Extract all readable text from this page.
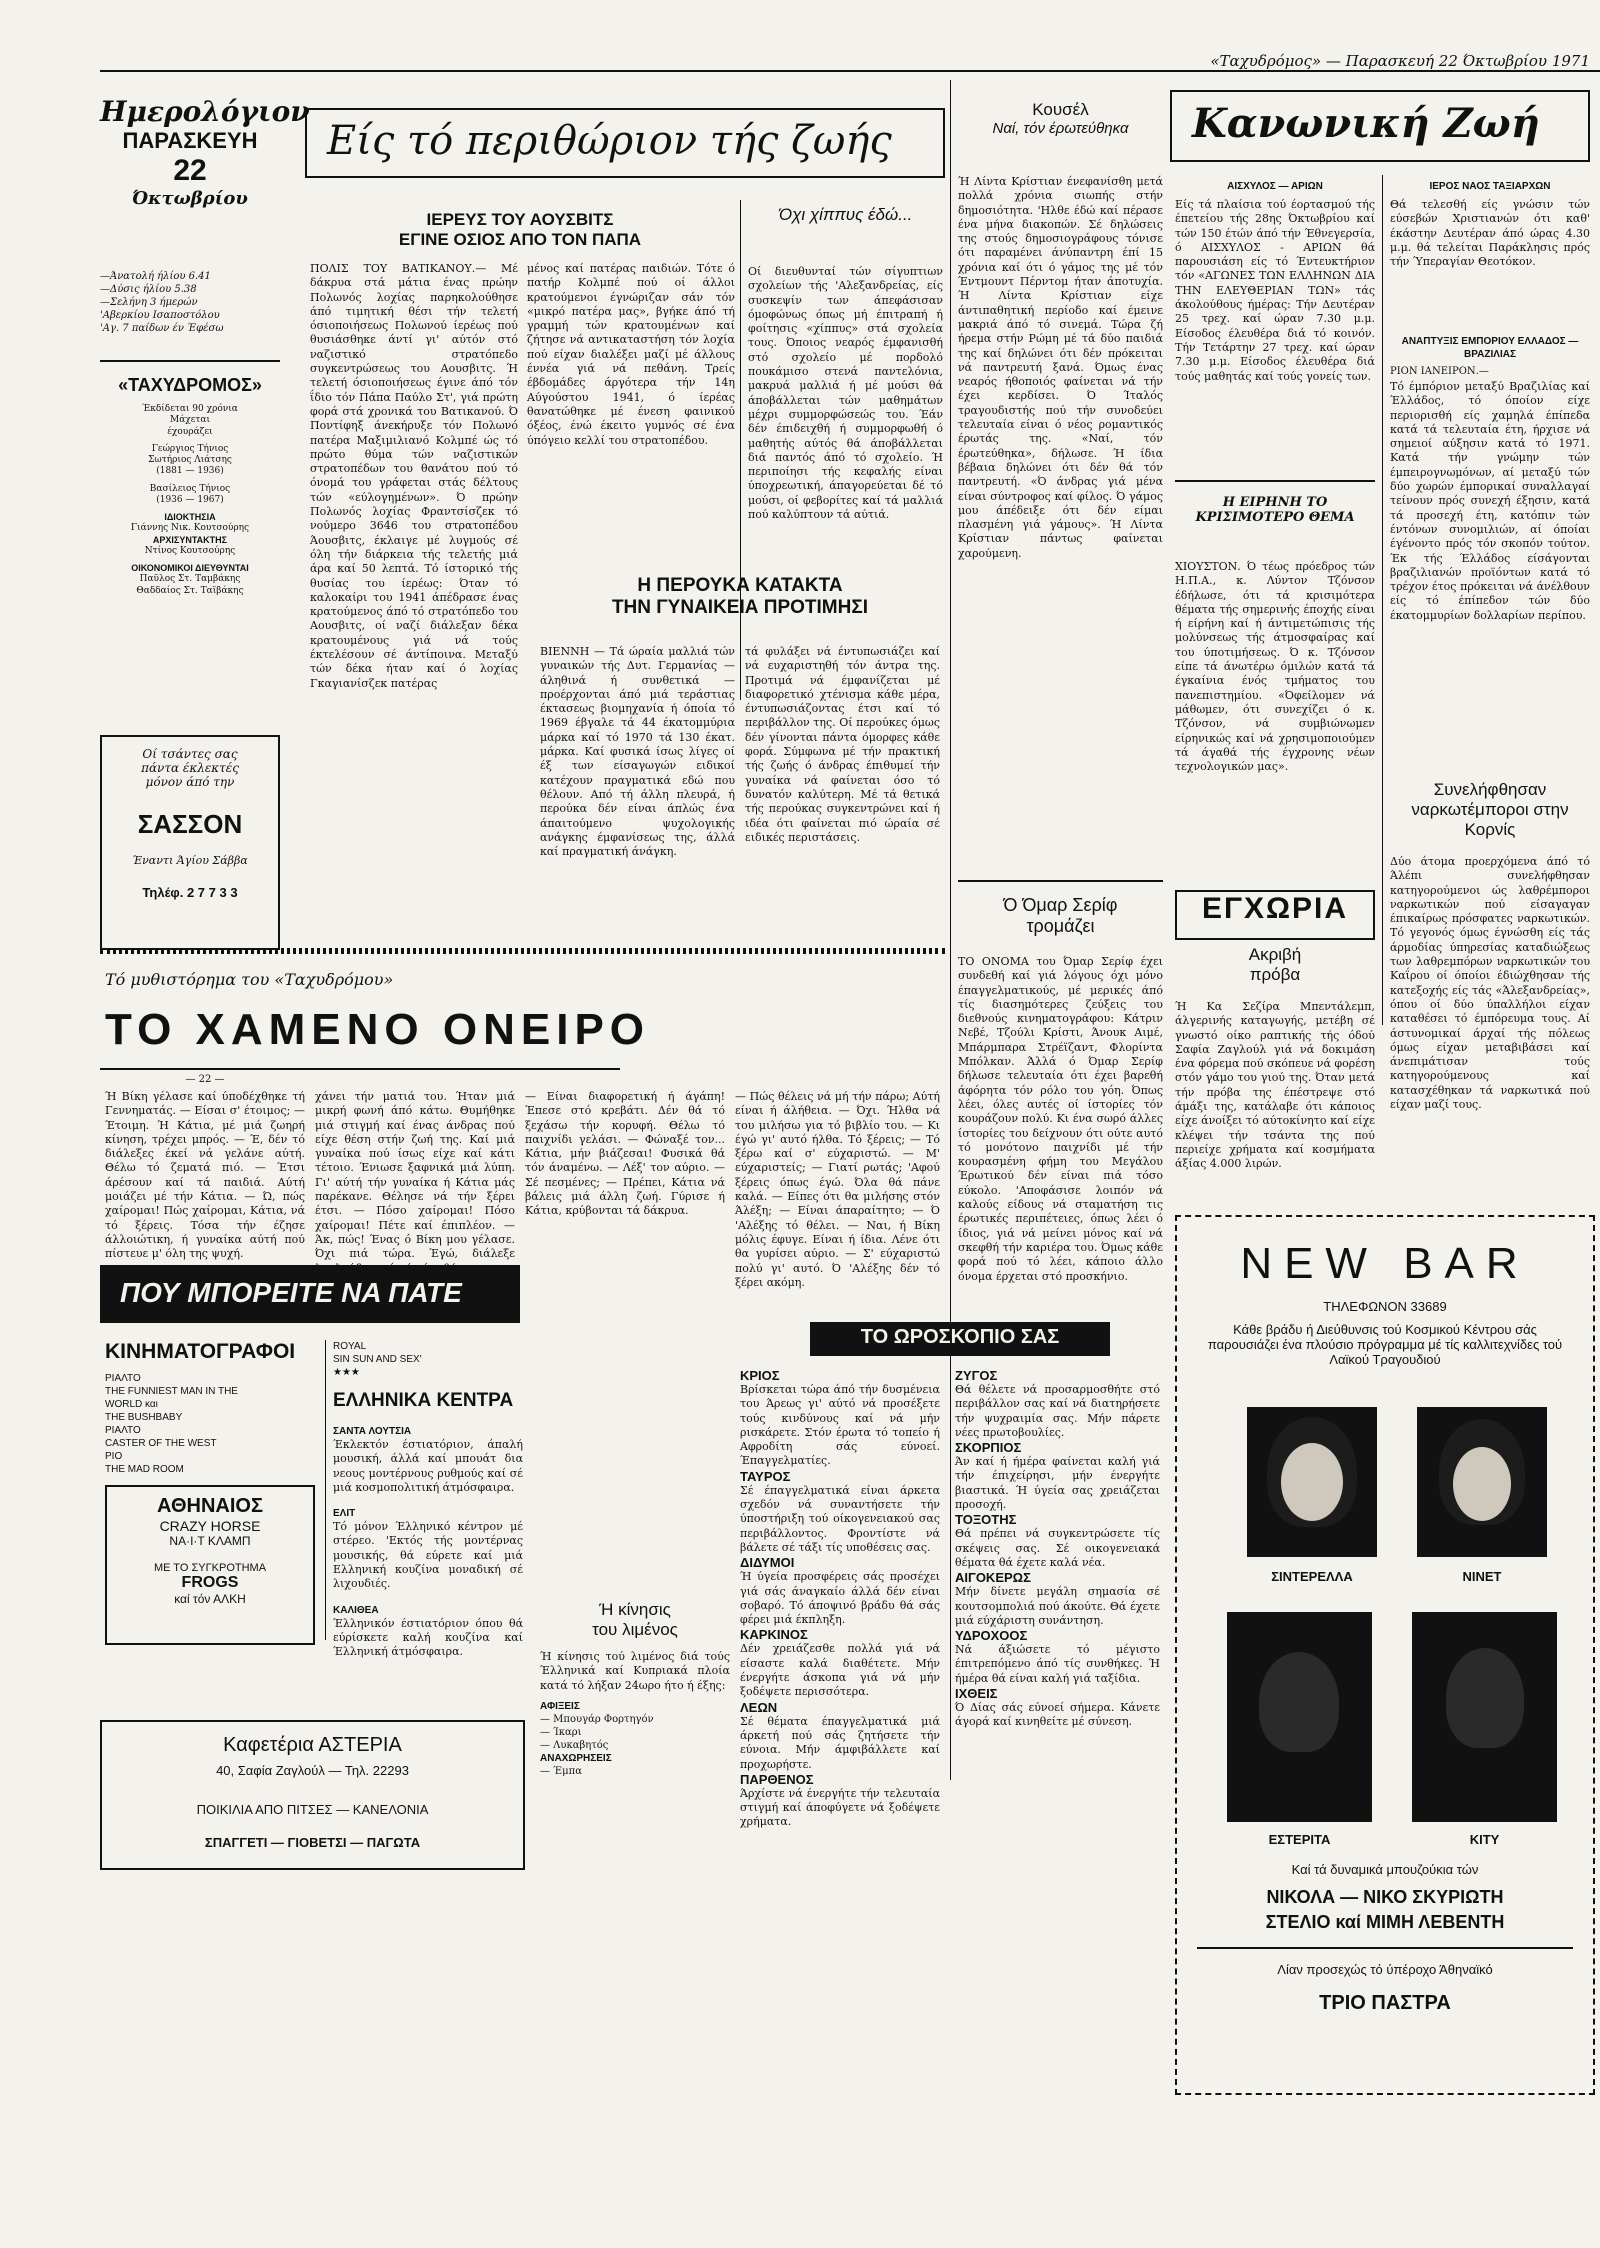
«Ταχυδρόμος» — Παρασκευή 22 Όκτωβρίου 1971
Ημερολόγιον
ΠΑΡΑΣΚΕΥΗ
22
Όκτωβρίου
—Άνατολή ήλίου 6.41
—Δύσις ήλίου 5.38
—Σελήνη 3 ήμερών
'Αβερκίου Ισαποστόλου
'Αγ. 7 παίδων έν Έφέσω
«ΤΑΧΥΔΡΟΜΟΣ»
Έκδίδεται 90 χρόνια
Μάχεται
έχουράζει
Γεώργιος Τήνιος
Σωτήριος Λιάτσης
(1881 — 1936)
Βασίλειος Τήνιος
(1936 — 1967)
ΙΔΙΟΚΤΗΣΙΑ
Γιάννης Νικ. Κουτσούρης
ΑΡΧΙΣΥΝΤΑΚΤΗΣ
Ντίνος Κουτσούρης
ΟΙΚΟΝΟΜΙΚΟΙ ΔΙΕΥΘΥΝΤΑΙ
Παῦλος Στ. Ταμβάκης
Θαδδαίος Στ. Ταϊβάκης
Οί τσάντες σας
πάντα έκλεκτές
μόνον άπό την
ΣΑΣΣΟΝ
Έναντι Άγίου Σάββα
Τηλέφ. 2 7 7 3 3
Είς τό περιθώριον τής ζωής
ΙΕΡΕΥΣ ΤΟΥ ΑΟΥΣΒΙΤΣ
ΕΓΙΝΕ ΟΣΙΟΣ ΑΠΟ ΤΟΝ ΠΑΠΑ
ΠΟΛΙΣ ΤΟΥ ΒΑΤΙΚΑΝΟΥ.— Μέ δάκρυα στά μάτια ένας πρώην Πολωνός λοχίας παρηκολούθησε άπό τιμητική θέσι τήν τελετή όσιοποιήσεως Πολωνού ίερέως πού θυσιάσθηκε άντί γι' αύτόν στό ναζιστικό στρατόπεδο συγκεντρώσεως του Αουσβιτς. Ή τελετή όσιοποιήσεως έγινε άπό τόν ΐδιο τόν Πάπα Παύλο Στ', γιά πρώτη φορά στά χρονικά του Βατικανού. Ό Ποντίφηξ άνεκήρυξε τόν Πολωνό πατέρα Μαξιμιλιανό Κολμπέ ώς τό πρώτο θύμα τών ναζιστικών στρατοπέδων του θανάτου πού τό όνομά του γράφεται στάς δέλτους τών «εύλογημένων». Ό πρώην Πολωνός λοχίας Φραντσίσζεκ τό νούμερο 3646 του στρατοπέδου Άουσβιτς, έκλαιγε μέ λυγμούς σέ όλη τήν διάρκεια τής τελετής μιά άρα καί 50 λεπτά. Τό ίστορικό τής θυσίας του ίερέως: Όταν τό καλοκαίρι του 1941 άπέδρασε ένας κρατούμενος άπό τό στρατόπεδο του Αουσβιτς, οί ναζί διάλεξαν δέκα κρατουμένους γιά νά τούς έκτελέσουν σέ άντίποινα. Μεταξύ τών δέκα ήταν καί ό λοχίας Γκαγιανίσζεκ πατέρας
μένος καί πατέρας παιδιών. Τότε ό πατήρ Κολμπέ πού οί άλλοι κρατούμενοι έγνώριζαν σάν τόν «μικρό πατέρα μας», βγήκε άπό τή γραμμή τών κρατουμένων καί ζήτησε νά αντικαταστήση τόν λοχία πού είχαν διαλέξει μαζί μέ άλλους έννέα γιά νά πεθάνη. Τρείς έβδομάδες άργότερα τήν 14η Αύγούστου 1941, ό ίερέας θανατώθηκε μέ ένεση φαινικού όξέος, ένώ έκειτο γυμνός σέ ένα ύπόγειο κελλί του στρατοπέδου.
Όχι χίππυς έδώ...
Οί διευθυνταί τών σίγυπτιων σχολείων τής 'Αλεξανδρείας, είς συσκεψίν των άπεφάσισαν όμοφώνως όπως μή έπιτραπή ή φοίτησις «χίππυς» στά σχολεία τους. Όποιος νεαρός έμφανισθή στό σχολείο μέ πορδολό πουκάμισο στενά παντελόνια, μακρυά μαλλιά ή μέ μούσι θά άποβάλλεται τών μαθημάτων μέχρι συμμορφώσεώς του. Έάν δέν έπιδειχθή ή συμμορφωθή ό μαθητής αύτός θά άποβάλλεται διά παντός άπό τό σχολείο. Ή περιποίησι τής κεφαλής είναι ύποχρεωτική, άπαγορεύεται δέ τό μούσι, οί φεβορίτες καί τά μαλλιά πού καλύπτουν τά αύτιά.
Η ΠΕΡΟΥΚΑ ΚΑΤΑΚΤΑ
ΤΗΝ ΓΥΝΑΙΚΕΙΑ ΠΡΟΤΙΜΗΣΙ
ΒΙΕΝΝΗ — Τά ώραία μαλλιά τών γυναικών τής Δυτ. Γερμανίας — άληθινά ή συνθετικά — προέρχονται άπό μιά τεράστιας έκτασεως βιομηχανία ή όποία τό 1969 έβγαλε τά 44 έκατομμύρια μάρκα καί τό 1970 τά 130 έκατ. μάρκα. Καί φυσικά ίσως λίγες οί έξ των είσαγωγών ειδικοί κατέχουν πραγματικά εδώ που θέλουν. Από τή άλλη πλευρά, ή περούκα δέν είναι άπλώς ένα άπαιτούμενο ψυχολογικής ανάγκης έμφανίσεως της, άλλά καί πραγματική άνάγκη.
τά φυλάξει νά έντυπωσιάζει καί νά ευχαριστηθή τόν άντρα της. Προτιμά νά έμφανίζεται μέ διαφορετικό χτένισμα κάθε μέρα, έντυπωσιάζοντας έτσι καί τό περιβάλλον της. Οί περούκες όμως δέν γίνονται πάντα όμορφες κάθε φορά. Σύμφωνα μέ τήν πρακτική τής ζωής ό άνδρας έπιθυμεί τήν γυναίκα νά φαίνεται όσο τό δυνατόν καλύτερη. Μέ τά θετικά τής περούκας συγκεντρώνει καί ή ιδέα ότι φαίνεται πιό ώραία σέ ειδικές περιστάσεις.
Κουσέλ
Ναί, τόν έρωτεύθηκα
Ή Λίντα Κρίστιαν ένεφανίσθη μετά πολλά χρόνια σιωπής στήν δημοσιότητα. 'Ηλθε έδώ καί πέρασε ένα μήνα διακοπών. Σέ δηλώσεις της στούς δημοσιογράφους τόνισε ότι παραμένει άνύπαντρη έπί 15 χρόνια καί ότι ό γάμος της μέ τόν Έντμουντ Πέρντομ ήταν άποτυχία. Ή Λίντα Κρίστιαν είχε άντιπαθητική περίοδο καί έμεινε μακριά άπό τό σινεμά. Τώρα ζή ήρεμα στήν Ρώμη μέ τά δύο παιδιά της καί δηλώνει ότι δέν πρόκειται νά παντρευτή ξανά. Όμως ένας νεαρός ήθοποιός φαίνεται νά τήν έχει κερδίσει. Ό Ίταλός τραγουδιστής πού τήν συνοδεύει τελευταία είναι ό νέος ρομαντικός έρωτάς της. «Ναί, τόν έρωτεύθηκα», δήλωσε. Ή ίδια βέβαια δηλώνει ότι δέν θά τόν παντρευτή. «Ό άνδρας γιά μένα είναι σύντροφος καί φίλος. Ό γάμος μου άπέδειξε ότι δέν είμαι πλασμένη γιά γάμους». Ή Λίντα Κρίστιαν πάντως φαίνεται χαρούμενη.
Ό Όμαρ Σερίφ
τρομάζει
ΤΟ ΟΝΟΜΑ του Όμαρ Σερίφ έχει συνδεθή καί γιά λόγους όχι μόνο έπαγγελματικούς, μέ μερικές άπό τίς διασημότερες ζεύξεις του διεθνούς κινηματογράφου: Κάτριν Νεβέ, Τζούλι Κρίστι, Άνουκ Αιμέ, Μπάρμπαρα Στρέϊζαντ, Φλορίντα Μπόλκαν. Άλλά ό Όμαρ Σερίφ δήλωσε τελευταία ότι έχει βαρεθή άφόρητα τόν ρόλο του γόη. Όπως λέει, όλες αυτές οί ίστορίες τόν κουράζουν πολύ. Κι ένα σωρό άλλες ίστορίες του δείχνουν ότι ούτε αυτό τό μονότονο παιχνίδι μέ τήν κουρασμένη φήμη του Μεγάλου Έρωτικού δέν είναι πιά τόσο εύκολο. 'Αποφάσισε λοιπόν νά καλούς είδους νά σταματήση τις έρωτικές περιπέτειες, όπως λέει ό ίδιος, γιά νά μείνει μόνος καί νά σκεφθή τήν καριέρα του. Όμως κάθε φορά πού τό λέει, κάποιο άλλο όνομα έρχεται στό προσκήνιο.
Κανωνική Ζωή
ΑΙΣΧΥΛΟΣ — ΑΡΙΩΝ
Είς τά πλαίσια τού έορτασμού τής έπετείου τής 28ης Όκτωβρίου καί τών 150 έτών άπό τήν Έθνεγερσία, ό ΑΙΣΧΥΛΟΣ - ΑΡΙΩΝ θά παρουσιάση είς τό Έντευκτήριον τόν «ΑΓΩΝΕΣ ΤΩΝ ΕΛΛΗΝΩΝ ΔΙΑ ΤΗΝ ΕΛΕΥΘΕΡΙΑΝ ΤΩΝ» τάς άκολούθους ήμέρας: Τήν Δευτέραν 25 τρεχ. καί ώραν 7.30 μ.μ. Είσοδος έλευθέρα διά τό κοινόν. Τήν Τετάρτην 27 τρεχ. καί ώραν 7.30 μ.μ. Είσοδος έλευθέρα διά τούς μαθητάς καί τούς γονείς των.
ΙΕΡΟΣ ΝΑΟΣ ΤΑΞΙΑΡΧΩΝ
Θά τελεσθή είς γνώσιν τών εύσεβών Χριστιανών ότι καθ' έκάστην Δευτέραν άπό ώρας 4.30 μ.μ. θά τελείται Παράκλησις πρός τήν Ύπεραγίαν Θεοτόκον.
ΑΝΑΠΤΥΞΙΣ ΕΜΠΟΡΙΟΥ ΕΛΛΑΔΟΣ — ΒΡΑΖΙΛΙΑΣ
ΡΙΟΝ ΙΑΝΕΙΡΟΝ.—
Τό έμπόριον μεταξύ Βραζιλίας καί Έλλάδος, τό όποίον είχε περιορισθή είς χαμηλά έπίπεδα κατά τά τελευταία έτη, ήρχισε νά σημειοί αύξησιν κατά τό 1971. Κατά τήν γνώμην τών έμπειρογνωμόνων, αί μεταξύ τών δύο χωρών έμπορικαί συναλλαγαί τείνουν πρός συνεχή έξησιν, κατά τά προσεχή έτη, κατόπιν τών έντόνων συνομιλιών, αί όποίαι έγένοντο πρός τόν σκοπόν τούτον. Έκ τής Έλλάδος είσάγονται βραζιλιανών προϊόντων κατά τό τρέχον έτος πρόκειται νά άνέλθουν είς τό έπίπεδον τών δύο έκατομμυρίων δολλαρίων περίπου.
Η ΕΙΡΗΝΗ ΤΟ ΚΡΙΣΙΜΟΤΕΡΟ ΘΕΜΑ
ΧΙΟΥΣΤΟΝ. Ό τέως πρόεδρος τών Η.Π.Α., κ. Λύντον Τζόνσον έδήλωσε, ότι τά κρισιμότερα θέματα τής σημερινής έποχής είναι ή είρήνη καί ή άντιμετώπισις τής μολύνσεως τής άτμοσφαίρας καί του ύποτιμήσεως. Ό κ. Τζόνσον είπε τά άνωτέρω όμιλών κατά τά έγκαίνια ένός τμήματος του πανεπιστημίου. «Όφείλομεν νά μάθωμεν, ότι συνεχίζει ό κ. Τζόνσον, νά συμβιώνωμεν είρηνικώς καί νά χρησιμοποιούμεν τά άγαθά τής έγχρονης νέων τεχνολογικών μας».
Συνελήφθησαν ναρκωτέμποροι στην Κορνίς
Δύο άτομα προερχόμενα άπό τό Άλέπι συνελήφθησαν κατηγορούμενοι ώς λαθρέμποροι ναρκωτικών πού είσαγαγαν έπικαίρως πρόσφατες ναρκωτικών. Τό γεγονός όμως έγνώσθη είς τάς άρμοδίας ύπηρεσίας καταδιώξεως των λαθρεμπόρων ναρκωτικών του Καΐρου οί όποίοι έδιώχθησαν τής κατεξοχής είς τάς «Άλεξανδρείας», όπου οί δύο ύπαλλήλοι είχαν καταθέσει τό έμπόρευμα τους. Αί άστυνομικαί άρχαί τής πόλεως όμως είχαν μεταβιβάσει καί άνεπιμάτισαν τούς κατηγορούμενους καί κατασχέθηκαν τά ναρκωτικά πού είχαν μαζί τους.
ΕΓΧΩΡΙΑ
Ακριβή
πρόβα
Ή Κα Σεζίρα Μπεντάλεμπ, άλγερινής καταγωγής, μετέβη σέ γνωστό οίκο ραπτικής τής όδού Σαφία Ζαγλούλ γιά νά δοκιμάση ένα φόρεμα πού σκόπευε νά φορέση στόν γάμο του γιού της. Όταν μετά τήν πρόβα της έπέστρεψε στό άμάξι της, κατάλαβε ότι κάποιος είχε άνοίξει τό αύτοκίνητο καί είχε κλέψει τήν τσάντα της πού περιείχε χρήματα καί κοσμήματα άξίας 4.000 λιρών.
Τό μυθιστόρημα του «Ταχυδρόμου»
ΤΟ ΧΑΜΕΝΟ ΟΝΕΙΡΟ
— 22 —
Ή Βίκη γέλασε καί ύποδέχθηκε τή Γεννηματάς. — Είσαι σ' έτοιμος; — Έτοιμη. Ή Κάτια, μέ μιά ζωηρή κίνηση, τρέχει μπρός. — Έ, δέν τό διάλεξες έκεί νά γελάνε αύτή. Θέλω τό ζεματά πιό. — Έτσι άρέσουν καί τά παιδιά. Αύτή μοιάζει μέ τήν Κάτια. — Ώ, πώς χαίρομαι! Πώς χαίρομαι, Κάτια, νά τό ξέρεις. Τόσα τήν έζησε άλλοιώτικη, ή γυναίκα αύτή πού πίστευε μ' όλη της ψυχή.
χάνει τήν ματιά του. Ήταν μιά μικρή φωνή άπό κάτω. Θυμήθηκε μιά στιγμή καί ένας άνδρας πού είχε θέση στήν ζωή της. Καί μιά γυναίκα πού ίσως είχε καί κάτι τέτοιο. Ένιωσε ξαφνικά μιά λύπη. Γι' αύτή τήν γυναίκα ή Κάτια μάς παρέκανε. Θέλησε νά τήν ξέρει έτσι. — Πόσο χαίρομαι! Πόσο χαίρομαι! Πέτε καί έπιπλέον. — Άκ, πώς! Ένας ό Βίκη μου γέλασε. Όχι πιά τώρα. Έγώ, διάλεξε
— Είναι διαφορετική ή άγάπη! Έπεσε στό κρεβάτι. Δέν θά τό ξεχάσω τήν κορυφή. Θέλω τό παιχνίδι γελάσι. — Φώναξέ τον... Κάτια, μήν βιάζεσαι! Φυσικά θά τόν άναμένω. — Λέξ' τον αύριο. — Σέ πεσμένες; — Πρέπει, Κάτια νά βάλεις μιά άλλη ζωή. Γύρισε ή Κάτια, κρύβονται τά δάκρυα.
— Πώς θέλεις νά μή τήν πάρω; Αύτή είναι ή άλήθεια. — Όχι. Ήλθα νά του μιλήσω για τό βιβλίο του. — Κι έγώ γι' αυτό ήλθα. Τό ξέρεις; — Τό ξέρω καί σ' εύχαριστώ. — Μ' εύχαριστείς; — Γιατί ρωτάς; 'Αφού ξέρεις όπως έγώ. Όλα θά πάνε καλά. — Είπες ότι θα μιλήσης στόν Άλέξη; — Είναι άπαραίτητο; — Ό 'Αλέξης τό θέλει. — Ναι, ή Βίκη μόλις έφυγε. Είναι ή ίδια. Λένε ότι θα γυρίσει αύριο. — Σ' εύχαριστώ πολύ γι' αυτό. Ό 'Αλέξης δέν τό ξέρει ακόμη.
ΠΟΥ ΜΠΟΡΕΙΤΕ ΝΑ ΠΑΤΕ
ΚΙΝΗΜΑΤΟΓΡΑΦΟΙ
ΡΙΑΛΤΟ
THE FUNNIEST MAN IN THE
WORLD και
THE BUSHBABY
ΡΙΑΛΤΟ
CASTER OF THE WEST
ΡΙΟ
THE MAD ROOM
ΑΘΗΝΑΙΟΣ
CRAZY HORSE
ΝΑ·Ι·Τ ΚΛΑΜΠ
ΜΕ ΤΟ ΣΥΓΚΡΟΤΗΜΑ
FROGS
καί τόν ΑΛΚΗ
ROYAL
SIN SUN AND SEX'
★★★
ΕΛΛΗΝΙΚΑ ΚΕΝΤΡΑ
ΣΑΝΤΑ ΛΟΥΤΣΙΑ
Έκλεκτόν έστιατόριον, άπαλή μουσική, άλλά καί μπουάτ δια νεους μοντέρνους ρυθμούς καί σέ μιά κοσμοπολιτική άτμόσφαιρα.
ΕΛΙΤ
Τό μόνον Έλληνικό κέντρον μέ στέρεο. 'Εκτός τής μοντέρνας μουσικής, θά εύρετε καί μιά Ελληνική κουζίνα μοναδική σέ λιχουδιές.
ΚΑΛΙΘΕΑ
Έλληνικόν έστιατόριον όπου θά εύρίσκετε καλή κουζίνα καί Έλληνική άτμόσφαιρα.
Καφετέρια ΑΣΤΕΡΙΑ
40, Σαφία Ζαγλούλ — Τηλ. 22293
ΠΟΙΚΙΛΙΑ ΑΠΟ ΠΙΤΣΕΣ — ΚΑΝΕΛΟΝΙΑ
ΣΠΑΓΓΕΤΙ — ΓΙΟΒΕΤΣΙ — ΠΑΓΩΤΑ
Ή κίνησις
του λιμένος
Ή κίνησις τού λιμένος διά τούς Έλληνικά καί Κυπριακά πλοία κατά τό λήξαν 24ωρο ήτο ή έξης:
ΑΦΙΞΕΙΣ
— Μπουγάρ Φορτηγόν
— Ίκαρι
— Λυκαβητός
ΑΝΑΧΩΡΗΣΕΙΣ
— Έμπα
ΤΟ ΩΡΟΣΚΟΠΙΟ ΣΑΣ
ΚΡΙΟΣ
Βρίσκεται τώρα άπό τήν δυσμένεια του Άρεως γι' αύτό νά προσέξετε τούς κινδύνους καί νά μήν ρισκάρετε. Στόν έρωτα τό τοπείο ή Αφροδίτη σάς εύνοεί. Έπαγγελματίες.
ΤΑΥΡΟΣ
Σέ έπαγγελματικά είναι άρκετα σχεδόν νά συναντήσετε τήν ύποστήριξη τού οίκογενειακού σας περιβάλλοντος. Φροντίστε νά βάλετε σέ τάξι τίς υποθέσεις σας.
ΔΙΔΥΜΟΙ
Ή ύγεία προσφέρεις σάς προσέχει γιά σάς άναγκαίο άλλά δέν είναι σοβαρό. Τό άποψινό βράδυ θά σάς φέρει μιά έκπληξη.
ΚΑΡΚΙΝΟΣ
Δέν χρειάζεσθε πολλά γιά νά είσαστε καλά διαθέτετε. Μήν ένεργήτε άσκοπα γιά νά μήν ξοδέψετε περισσότερα.
ΛΕΩΝ
Σέ θέματα έπαγγελματικά μιά άρκετή πού σάς ζητήσετε τήν εύνοια. Μήν άμφιβάλλετε καί προχωρήστε.
ΠΑΡΘΕΝΟΣ
Άρχίστε νά ένεργήτε τήν τελευταία στιγμή καί άποφύγετε νά ξοδέψετε χρήματα.
ΖΥΓΟΣ
Θά θέλετε νά προσαρμοσθήτε στό περιβάλλον σας καί νά διατηρήσετε τήν ψυχραιμία σας. Μήν πάρετε νέες πρωτοβουλίες.
ΣΚΟΡΠΙΟΣ
Άν καί ή ήμέρα φαίνεται καλή γιά τήν έπιχείρησι, μήν ένεργήτε βιαστικά. Ή ύγεία σας χρειάζεται προσοχή.
ΤΟΞΟΤΗΣ
Θά πρέπει νά συγκεντρώσετε τίς σκέψεις σας. Σέ οικογενειακά θέματα θά έχετε καλά νέα.
ΑΙΓΟΚΕΡΩΣ
Μήν δίνετε μεγάλη σημασία σέ κουτσομπολιά πού άκούτε. Θά έχετε μιά εύχάριστη συνάντηση.
ΥΔΡΟΧΟΟΣ
Νά άξιώσετε τό μέγιστο έπιτρεπόμενο άπό τίς συνθήκες. Ή ήμέρα θά είναι καλή γιά ταξίδια.
ΙΧΘΕΙΣ
Ό Δίας σάς εύνοεί σήμερα. Κάνετε άγορά καί κινηθείτε μέ σύνεση.
NEW BAR
ΤΗΛΕΦΩΝΟΝ 33689
Κάθε βράδυ ή Διεύθυνσις τού Κοσμικού Κέντρου σάς παρουσιάζει ένα πλούσιο πρόγραμμα μέ τίς καλλιτεχνίδες τού Λαϊκού Τραγουδιού
ΣΙΝΤΕΡΕΛΛΑ	ΝΙΝΕΤ
ΕΣΤΕΡΙΤΑ	ΚΙΤΥ
Καί τά δυναμικά μπουζούκια τών
ΝΙΚΟΛΑ — ΝΙΚΟ ΣΚΥΡΙΩΤΗ
ΣΤΕΛΙΟ καί ΜΙΜΗ ΛΕΒΕΝΤΗ
Λίαν προσεχώς τό ύπέροχο Άθηναϊκό
ΤΡΙΟ ΠΑΣΤΡΑ
